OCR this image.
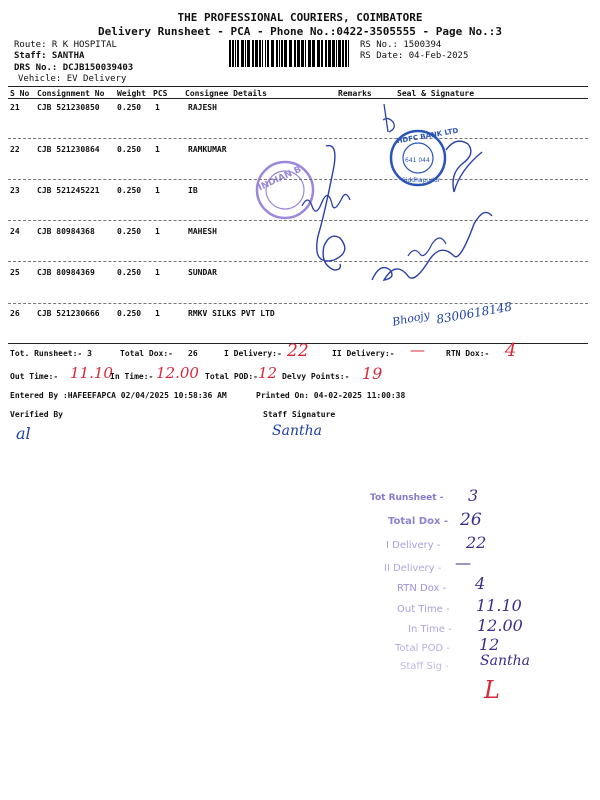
THE PROFESSIONAL COURIERS, COIMBATORE
Delivery Runsheet - PCA - Phone No.:0422-3505555 - Page No.:3
Route: R K HOSPITAL
Staff: SANTHA
DRS No.: DCJB150039403
Vehicle: EV Delivery
RS No.: 1500394
RS Date: 04-Feb-2025
S No Consignment No Weight PCS Consignee Details	Remarks	Seal & Signature
21 CJB 521230850 0.250 1	RAJESH
22 CJB 521230864 0.250 1	RAMKUMAR
23 CJB 521245221 0.250 1	IB
24 CJB 80984368	0.250 1	MAHESH
25 CJB 80984369	0.250 1	SUNDAR
26 CJB 521230666 0.250 1	RMKV SILKS PVT LTD
Tot. Runsheet:- 3	Total Dox:- 26	I Delivery:- 22	II Delivery:- —	RTN Dox:- 4
Out Time:- 11.10
In Time:- 12.00 Total POD:- 12 Delvy Points:- 19
Entered By :HAFEEFAPCA 02/04/2025 10:58:36 AM	Printed On: 04-02-2025 11:00:38
Verified By	Staff Signature
al	Santha
Bhoojy 8300618148
INDIAN B
HDFC BANK LTD
641 044
Siddhapudur
Tot Runsheet - 3
Total Dox - 26
I Delivery - 22
II Delivery - —
RTN Dox - 4
Out Time - 11.10
In Time - 12.00
Total POD - 12
Staff Sig - Santha
L
